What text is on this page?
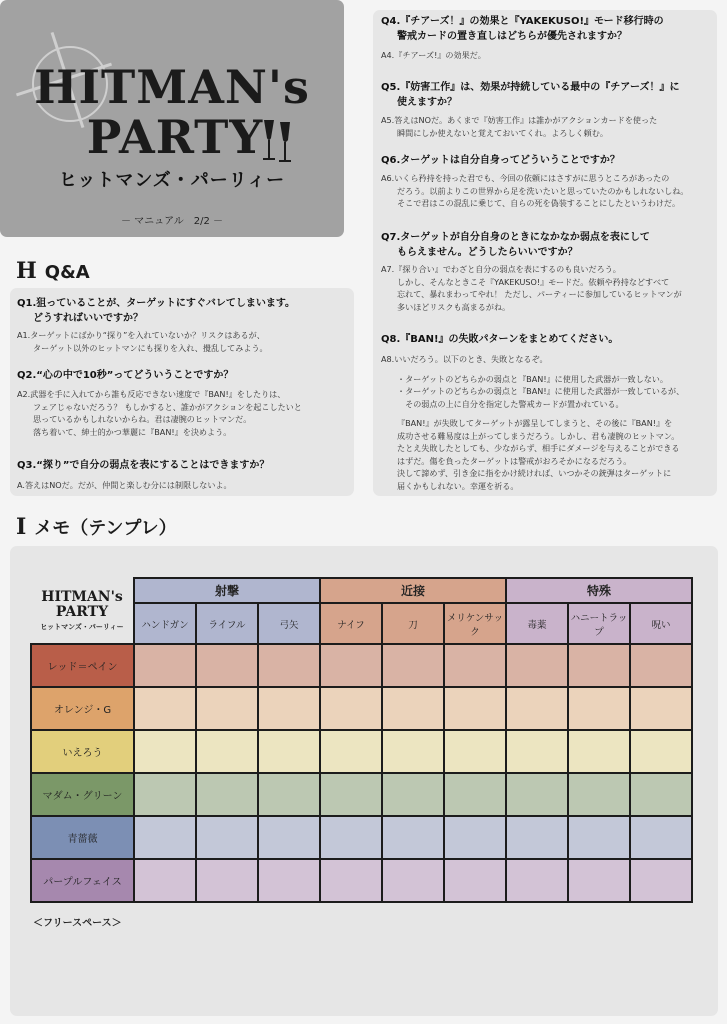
HITMAN's
PARTY
ヒットマンズ・パーリィー
－ マニュアル　2/2 －
H Q&A
Q1.狙っていることが、ターゲットにすぐバレてしまいます。
どうすればいいですか？
A1.ターゲットにばかり“探り”を入れていないか？リスクはあるが、
ターゲット以外のヒットマンにも探りを入れ、攪乱してみよう。
Q2.“心の中で10秒”ってどういうことですか？
A2.武器を手に入れてから誰も反応できない速度で『BAN!』をしたりは、
フェアじゃないだろう？ もしかすると、誰かがアクションを起こしたいと
思っているかもしれないからね。君は凄腕のヒットマンだ。
落ち着いて、紳士的かつ華麗に『BAN!』を決めよう。
Q3.“探り”で自分の弱点を表にすることはできますか？
A.答えはNOだ。だが、仲間と楽しむ分には制限しないよ。
Q4.『チアーズ！』の効果と『YAKEKUSO!』モード移行時の
警戒カードの置き直しはどちらが優先されますか？
A4.『チアーズ!』の効果だ。
Q5.『妨害工作』は、効果が持続している最中の『チアーズ！』に
使えますか？
A5.答えはNOだ。あくまで『妨害工作』は誰かがアクションカードを使った
瞬間にしか使えないと覚えておいてくれ。よろしく頼む。
Q6.ターゲットは自分自身ってどういうことですか？
A6.いくら矜持を持った君でも、今回の依頼にはさすがに思うところがあったの
だろう。以前よりこの世界から足を洗いたいと思っていたのかもしれないしね。
そこで君はこの混乱に乗じて、自らの死を偽装することにしたというわけだ。
Q7.ターゲットが自分自身のときになかなか弱点を表にして
もらえません。どうしたらいいですか？
A7.『探り合い』でわざと自分の弱点を表にするのも良いだろう。
しかし、そんなときこそ『YAKEKUSO!』モードだ。依頼や矜持などすべて
忘れて、暴れまわってやれ！ ただし、パーティーに参加しているヒットマンが
多いほどリスクも高まるがね。
Q8.『BAN!』の失敗パターンをまとめてください。
A8.いいだろう。以下のとき、失敗となるぞ。
・ターゲットのどちらかの弱点と『BAN!』に使用した武器が一致しない。
・ターゲットのどちらかの弱点と『BAN!』に使用した武器が一致しているが、
　その弱点の上に自分を指定した警戒カードが置かれている。
『BAN!』が失敗してターゲットが露呈してしまうと、その後に『BAN!』を
成功させる難易度は上がってしまうだろう。しかし、君も凄腕のヒットマン。
たとえ失敗したとしても、少ながらず、相手にダメージを与えることができる
はずだ。傷を負ったターゲットは警戒がおろそかになるだろう。
決して諦めず、引き金に指をかけ続ければ、いつかその銃弾はターゲットに
届くかもしれない。幸運を祈る。
I メモ（テンプレ）
HITMAN's
PARTY
ヒットマンズ・パーリィー	射撃			近接			特殊		
	ハンドガン	ライフル	弓矢	ナイフ	刀	メリケンサック	毒薬	ハニートラップ	呪い
レッド＝ペイン									
オレンジ・G									
いえろう									
マダム・グリーン									
青薔薇									
パープルフェイス									
＜フリースペース＞
